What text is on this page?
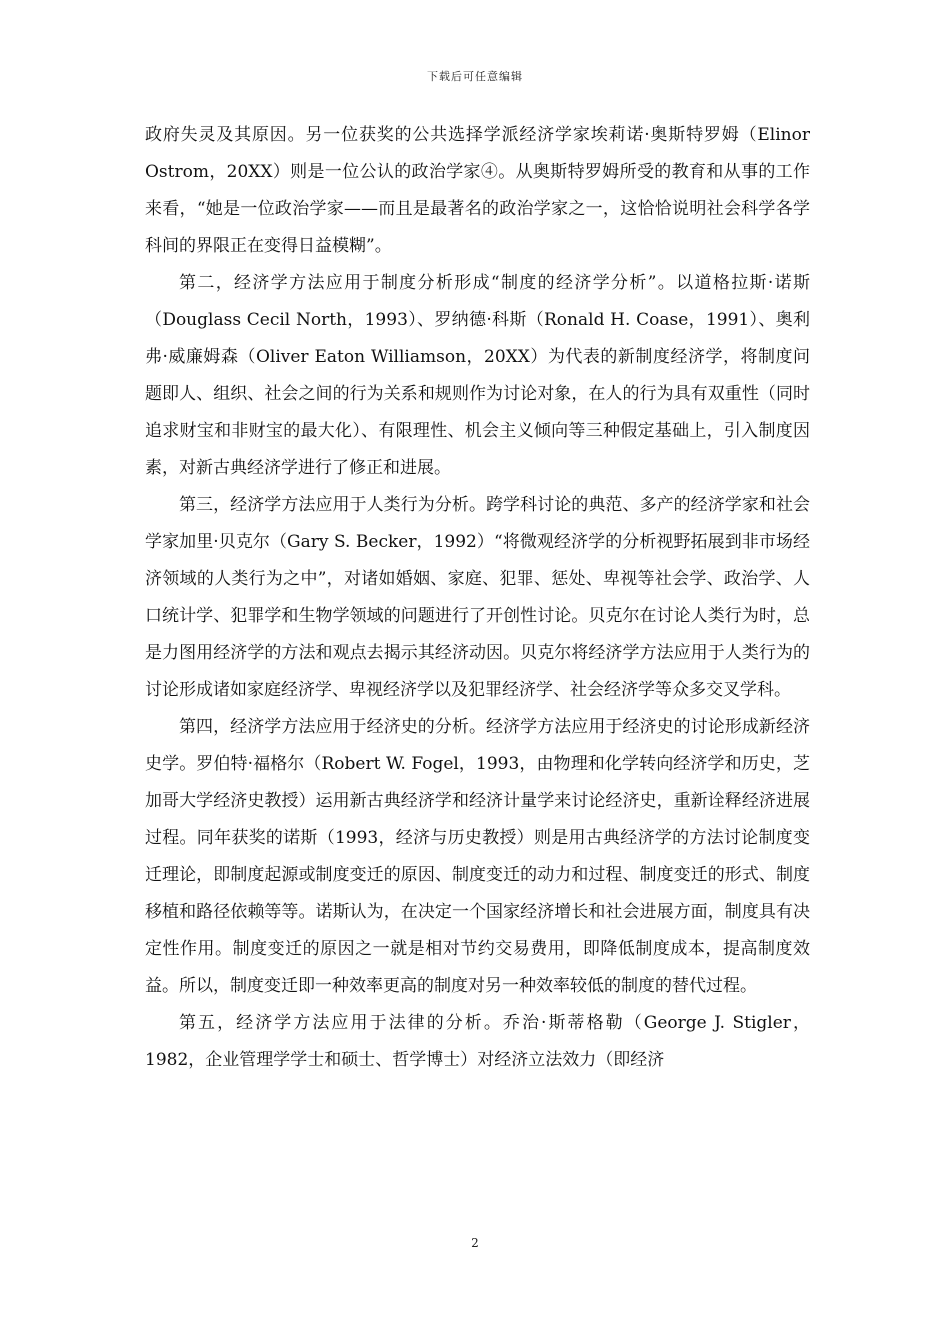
下载后可任意编辑

政府失灵及其原因。另一位获奖的公共选择学派经济学家埃莉诺·奥斯特罗姆（Elinor Ostrom，20XX）则是一位公认的政治学家④。从奥斯特罗姆所受的教育和从事的工作来看，“她是一位政治学家——而且是最著名的政治学家之一，这恰恰说明社会科学各学科间的界限正在变得日益模糊”。

第二，经济学方法应用于制度分析形成“制度的经济学分析”。以道格拉斯·诺斯（Douglass Cecil North，1993）、罗纳德·科斯（Ronald H. Coase，1991）、奥利弗·威廉姆森（Oliver Eaton Williamson，20XX）为代表的新制度经济学，将制度问题即人、组织、社会之间的行为关系和规则作为讨论对象，在人的行为具有双重性（同时追求财宝和非财宝的最大化）、有限理性、机会主义倾向等三种假定基础上，引入制度因素，对新古典经济学进行了修正和进展。

第三，经济学方法应用于人类行为分析。跨学科讨论的典范、多产的经济学家和社会学家加里·贝克尔（Gary S. Becker，1992）“将微观经济学的分析视野拓展到非市场经济领域的人类行为之中”，对诸如婚姻、家庭、犯罪、惩处、卑视等社会学、政治学、人口统计学、犯罪学和生物学领域的问题进行了开创性讨论。贝克尔在讨论人类行为时，总是力图用经济学的方法和观点去揭示其经济动因。贝克尔将经济学方法应用于人类行为的讨论形成诸如家庭经济学、卑视经济学以及犯罪经济学、社会经济学等众多交叉学科。

第四，经济学方法应用于经济史的分析。经济学方法应用于经济史的讨论形成新经济史学。罗伯特·福格尔（Robert W. Fogel，1993，由物理和化学转向经济学和历史，芝加哥大学经济史教授）运用新古典经济学和经济计量学来讨论经济史，重新诠释经济进展过程。同年获奖的诺斯（1993，经济与历史教授）则是用古典经济学的方法讨论制度变迁理论，即制度起源或制度变迁的原因、制度变迁的动力和过程、制度变迁的形式、制度移植和路径依赖等等。诺斯认为，在决定一个国家经济增长和社会进展方面，制度具有决定性作用。制度变迁的原因之一就是相对节约交易费用，即降低制度成本，提高制度效益。所以，制度变迁即一种效率更高的制度对另一种效率较低的制度的替代过程。

第五，经济学方法应用于法律的分析。乔治·斯蒂格勒（George J. Stigler，1982，企业管理学学士和硕士、哲学博士）对经济立法效力（即经济

2
